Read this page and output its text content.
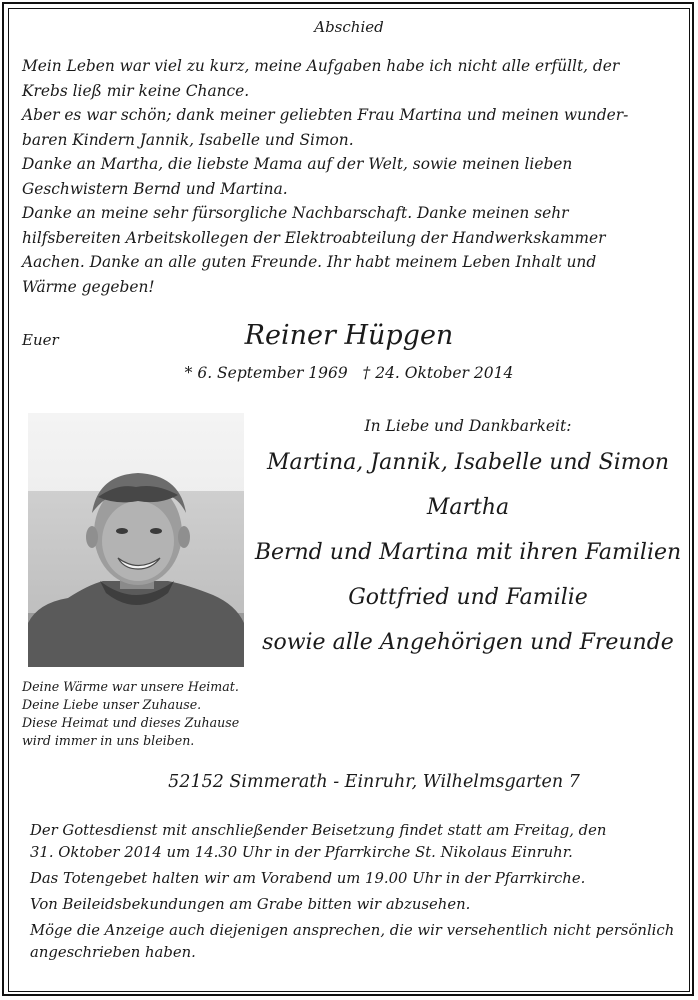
Abschied
Mein Leben war viel zu kurz, meine Aufgaben habe ich nicht alle erfüllt, der
Krebs ließ mir keine Chance.
Aber es war schön; dank meiner geliebten Frau Martina und meinen wunder-
baren Kindern Jannik, Isabelle und Simon.
Danke an Martha, die liebste Mama auf der Welt, sowie meinen lieben
Geschwistern Bernd und Martina.
Danke an meine sehr fürsorgliche Nachbarschaft. Danke meinen sehr
hilfsbereiten Arbeitskollegen der Elektroabteilung der Handwerkskammer
Aachen. Danke an alle guten Freunde. Ihr habt meinem Leben Inhalt und
Wärme gegeben!
Euer	Reiner Hüpgen
* 6. September 1969 † 24. Oktober 2014
Deine Wärme war unsere Heimat.
Deine Liebe unser Zuhause.
Diese Heimat und dieses Zuhause
wird immer in uns bleiben.
In Liebe und Dankbarkeit:
Martina, Jannik, Isabelle und Simon
Martha
Bernd und Martina mit ihren Familien
Gottfried und Familie
sowie alle Angehörigen und Freunde
52152 Simmerath - Einruhr, Wilhelmsgarten 7
Der Gottesdienst mit anschließender Beisetzung findet statt am Freitag, den
31. Oktober 2014 um 14.30 Uhr in der Pfarrkirche St. Nikolaus Einruhr.
Das Totengebet halten wir am Vorabend um 19.00 Uhr in der Pfarrkirche.
Von Beileidsbekundungen am Grabe bitten wir abzusehen.
Möge die Anzeige auch diejenigen ansprechen, die wir versehentlich nicht persönlich
angeschrieben haben.
